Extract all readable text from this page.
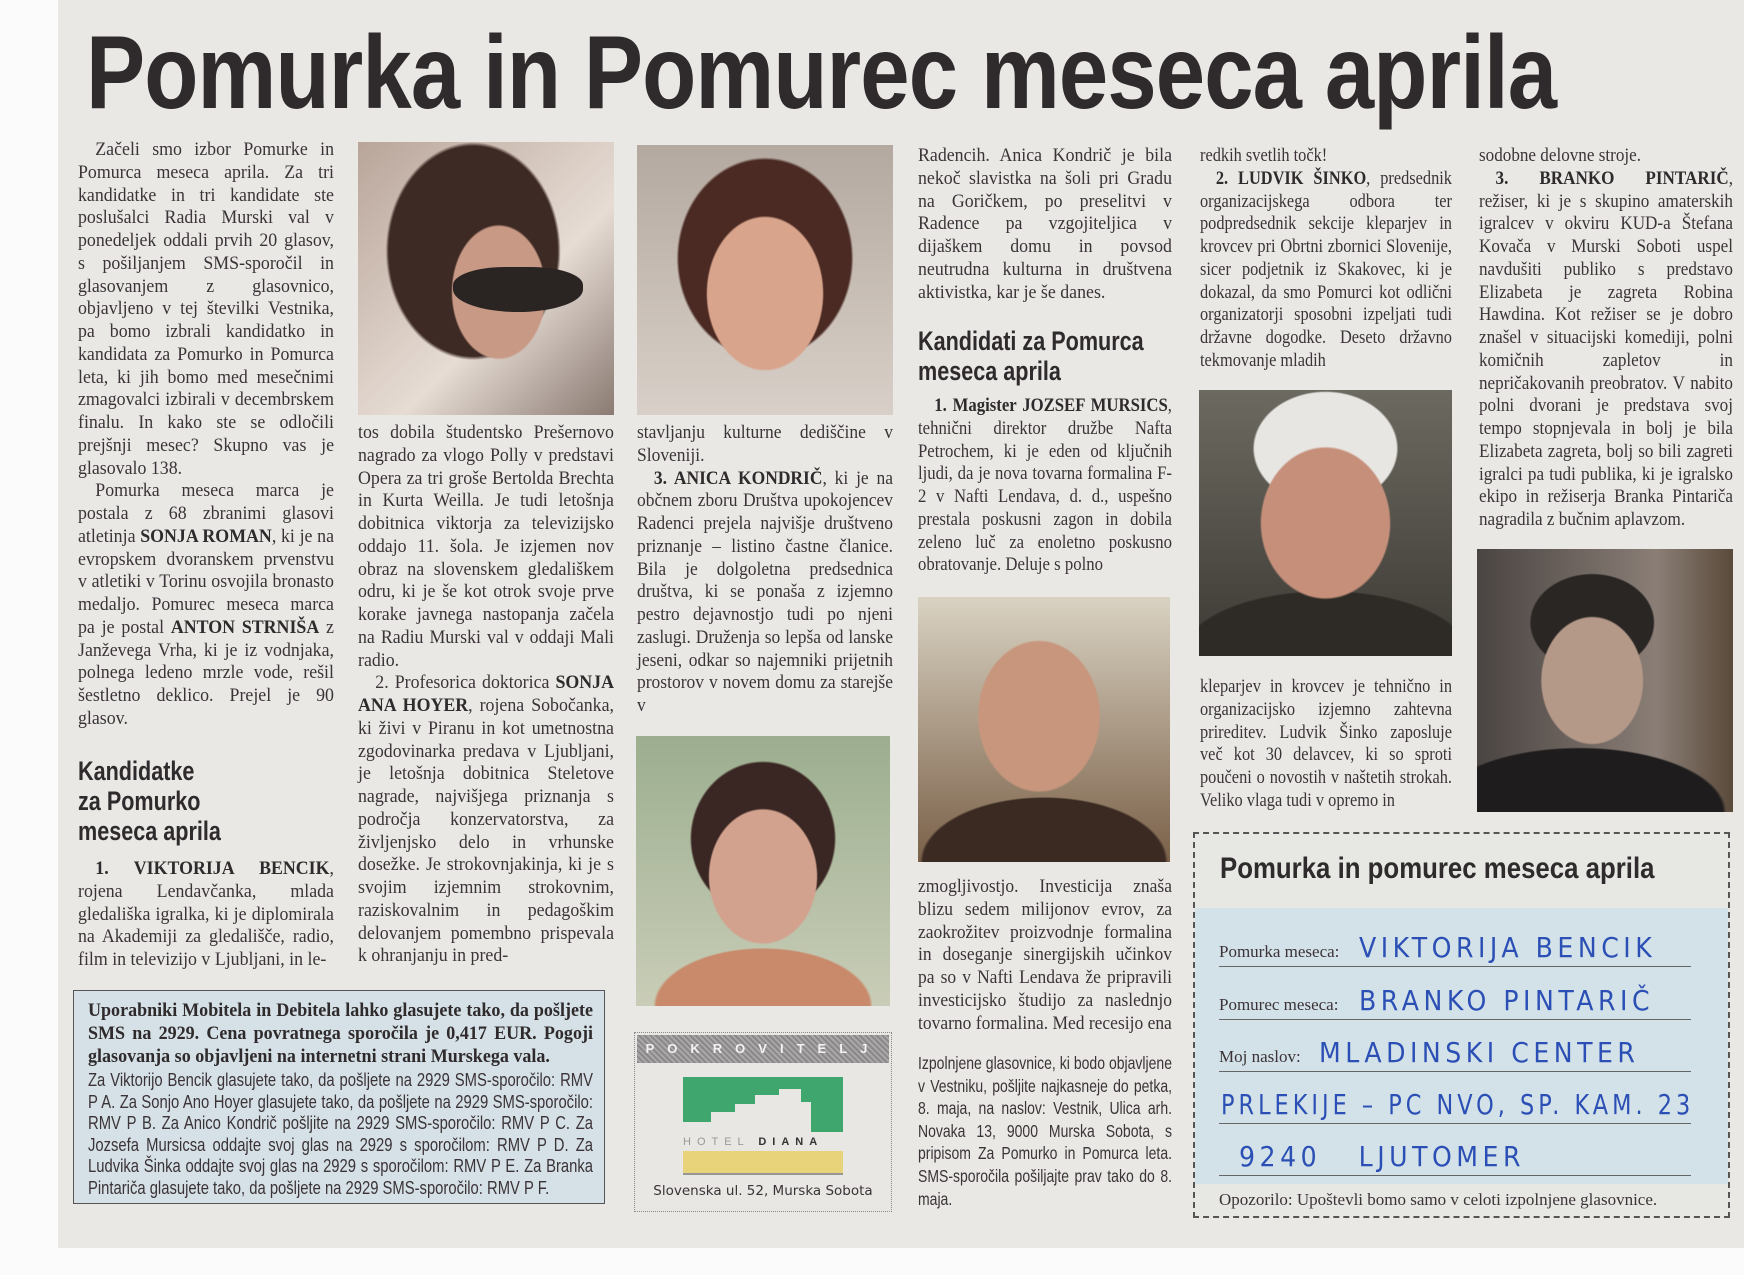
Pomurka in Pomurec meseca aprila

Začeli smo izbor Pomurke in Pomurca meseca aprila. Za tri kandidatke in tri kandidate ste poslušalci Radia Murski val v ponedeljek oddali prvih 20 glasov, s pošiljanjem SMS-sporočil in glasovanjem z glasovnico, objavljeno v tej številki Vestnika, pa bomo izbrali kandidatko in kandidata za Pomurko in Pomurca leta, ki jih bomo med mesečnimi zmagovalci izbirali v decembrskem finalu. In kako ste se odločili prejšnji mesec? Skupno vas je glasovalo 138.

Pomurka meseca marca je postala z 68 zbranimi glasovi atletinja SONJA ROMAN, ki je na evropskem dvoranskem prvenstvu v atletiki v Torinu osvojila bronasto medaljo. Pomurec meseca marca pa je postal ANTON STRNIŠA z Janževega Vrha, ki je iz vodnjaka, polnega ledeno mrzle vode, rešil šestletno deklico. Prejel je 90 glasov.

Kandidatke
za Pomurko
meseca aprila

1. VIKTORIJA BENCIK, rojena Lendavčanka, mlada gledališka igralka, ki je diplomirala na Akademiji za gledališče, radio, film in televizijo v Ljubljani, in le-

tos dobila študentsko Prešernovo nagrado za vlogo Polly v predstavi Opera za tri groše Bertolda Brechta in Kurta Weilla. Je tudi letošnja dobitnica viktorja za televizijsko oddajo 11. šola. Je izjemen nov obraz na slovenskem gledališkem odru, ki je še kot otrok svoje prve korake javnega nastopanja začela na Radiu Murski val v oddaji Mali radio.

2. Profesorica doktorica SONJA ANA HOYER, rojena Sobočanka, ki živi v Piranu in kot umetnostna zgodovinarka predava v Ljubljani, je letošnja dobitnica Steletove nagrade, najvišjega priznanja s področja konzervatorstva, za življenjsko delo in vrhunske dosežke. Je strokovnjakinja, ki je s svojim izjemnim strokovnim, raziskovalnim in pedagoškim delovanjem pomembno prispevala k ohranjanju in pred-

stavljanju kulturne dediščine v Sloveniji.

3. ANICA KONDRIČ, ki je na občnem zboru Društva upokojencev Radenci prejela najvišje društveno priznanje – listino častne članice. Bila je dolgoletna predsednica društva, ki se ponaša z izjemno pestro dejavnostjo tudi po njeni zaslugi. Druženja so lepša od lanske jeseni, odkar so najemniki prijetnih prostorov v novem domu za starejše v

Radencih. Anica Kondrič je bila nekoč slavistka na šoli pri Gradu na Goričkem, po preselitvi v Radence pa vzgojiteljica v dijaškem domu in povsod neutrudna kulturna in društvena aktivistka, kar je še danes.

Kandidati za Pomurca
meseca aprila

1. Magister JOZSEF MURSICS, tehnični direktor družbe Nafta Petrochem, ki je eden od ključnih ljudi, da je nova tovarna formalina F-2 v Nafti Lendava, d. d., uspešno prestala poskusni zagon in dobila zeleno luč za enoletno poskusno obratovanje. Deluje s polno

zmogljivostjo. Investicija znaša blizu sedem milijonov evrov, za zaokrožitev proizvodnje formalina in doseganje sinergijskih učinkov pa so v Nafti Lendava že pripravili investicijsko študijo za naslednjo tovarno formalina. Med recesijo ena

Izpolnjene glasovnice, ki bodo objavljene v Vestniku, pošljite najkasneje do petka, 8. maja, na naslov: Vestnik, Ulica arh. Novaka 13, 9000 Murska Sobota, s pripisom Za Pomurko in Pomurca leta. SMS-sporočila pošiljajte prav tako do 8. maja.

redkih svetlih točk!

2. LUDVIK ŠINKO, predsednik organizacijskega odbora ter podpredsednik sekcije kleparjev in krovcev pri Obrtni zbornici Slovenije, sicer podjetnik iz Skakovec, ki je dokazal, da smo Pomurci kot odlični organizatorji sposobni izpeljati tudi državne dogodke. Deseto državno tekmovanje mladih

kleparjev in krovcev je tehnično in organizacijsko izjemno zahtevna prireditev. Ludvik Šinko zaposluje več kot 30 delavcev, ki so sproti poučeni o novostih v naštetih strokah. Veliko vlaga tudi v opremo in

sodobne delovne stroje.

3. BRANKO PINTARIČ, režiser, ki je s skupino amaterskih igralcev v okviru KUD-a Štefana Kovača v Murski Soboti uspel navdušiti publiko s predstavo Elizabeta je zagreta Robina Hawdina. Kot režiser se je dobro znašel v situacijski komediji, polni komičnih zapletov in nepričakovanih preobratov. V nabito polni dvorani je predstava svoj tempo stopnjevala in bolj je bila Elizabeta zagreta, bolj so bili zagreti igralci pa tudi publika, ki je igralsko ekipo in režiserja Branka Pintariča nagradila z bučnim aplavzom.

Uporabniki Mobitela in Debitela lahko glasujete tako, da pošljete SMS na 2929. Cena povratnega sporočila je 0,417 EUR. Pogoji glasovanja so objavljeni na internetni strani Murskega vala.
Za Viktorijo Bencik glasujete tako, da pošljete na 2929 SMS-sporočilo: RMV P A. Za Sonjo Ano Hoyer glasujete tako, da pošljete na 2929 SMS-sporočilo: RMV P B. Za Anico Kondrič pošljite na 2929 SMS-sporočilo: RMV P C. Za Jozsefa Mursicsa oddajte svoj glas na 2929 s sporočilom: RMV P D. Za Ludvika Šinka oddajte svoj glas na 2929 s sporočilom: RMV P E. Za Branka Pintariča glasujete tako, da pošljete na 2929 SMS-sporočilo: RMV P F.
POKROVITELJ
HOTEL DIANA
Slovenska ul. 52, Murska Sobota
Pomurka in pomurec meseca aprila
Pomurka meseca: VIKTORIJA BENCIK
Pomurec meseca: BRANKO PINTARIČ
Moj naslov: MLADINSKI CENTER
PRLEKIJE – PC NVO, SP. KAM. 23
9240   LJUTOMER
Opozorilo: Upoštevli bomo samo v celoti izpolnjene glasovnice.
